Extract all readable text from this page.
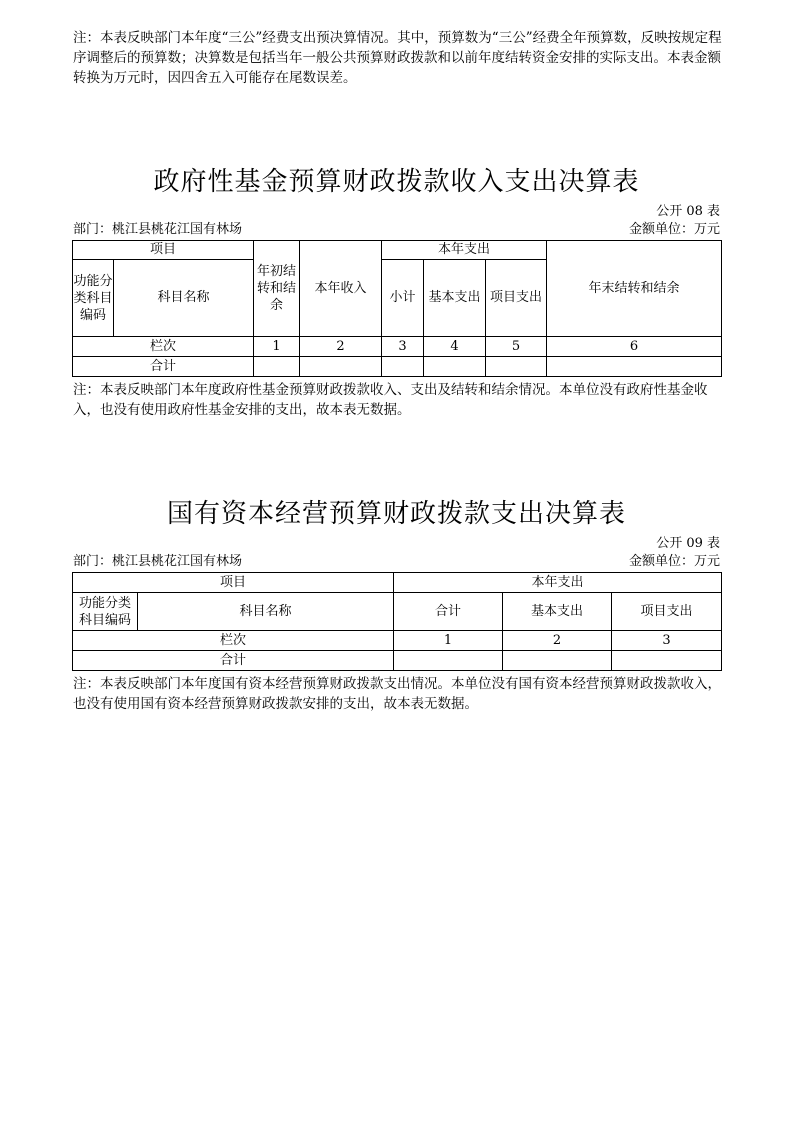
注：本表反映部门本年度“三公”经费支出预决算情况。其中，预算数为“三公”经费全年预算数，反映按规定程序调整后的预算数；决算数是包括当年一般公共预算财政拨款和以前年度结转资金安排的实际支出。本表金额转换为万元时，因四舍五入可能存在尾数误差。
政府性基金预算财政拨款收入支出决算表
公开 08 表
部门：桃江县桃花江国有林场	金额单位：万元
项目		年初结转和结余	本年收入	本年支出			年末结转和结余
功能分类科目编码	科目名称			小计	基本支出	项目支出	
栏次		1	2	3	4	5	6
合计							
注：本表反映部门本年度政府性基金预算财政拨款收入、支出及结转和结余情况。本单位没有政府性基金收入，也没有使用政府性基金安排的支出，故本表无数据。
国有资本经营预算财政拨款支出决算表
公开 09 表
部门：桃江县桃花江国有林场	金额单位：万元
项目		本年支出		
功能分类科目编码	科目名称	合计	基本支出	项目支出
栏次		1	2	3
合计				
注：本表反映部门本年度国有资本经营预算财政拨款支出情况。本单位没有国有资本经营预算财政拨款收入，也没有使用国有资本经营预算财政拨款安排的支出，故本表无数据。
